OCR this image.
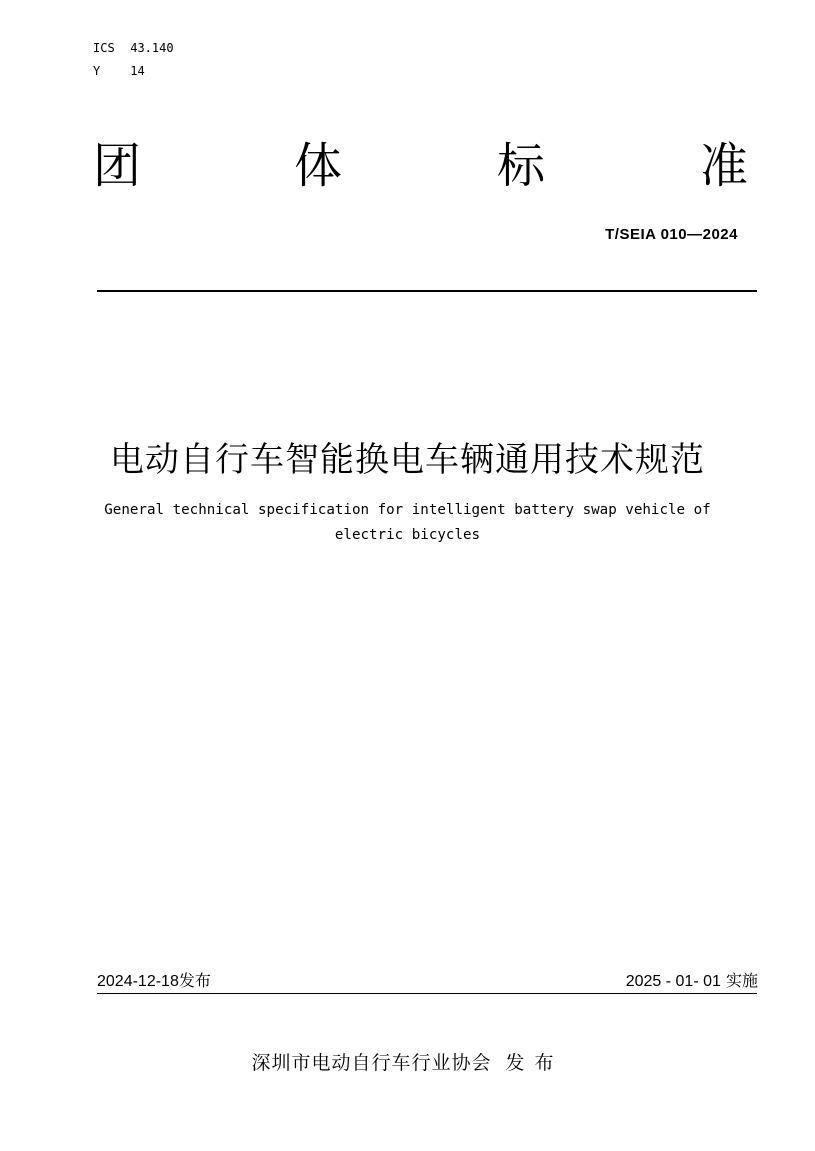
ICS 43.140
Y	14
团	体	标	准
T/SEIA 010—2024
电动自行车智能换电车辆通用技术规范
General technical specification for intelligent battery swap vehicle of
electric bicycles
2024-12-18发布	2025 - 01- 01 实施
深圳市电动自行车行业协会 发布
